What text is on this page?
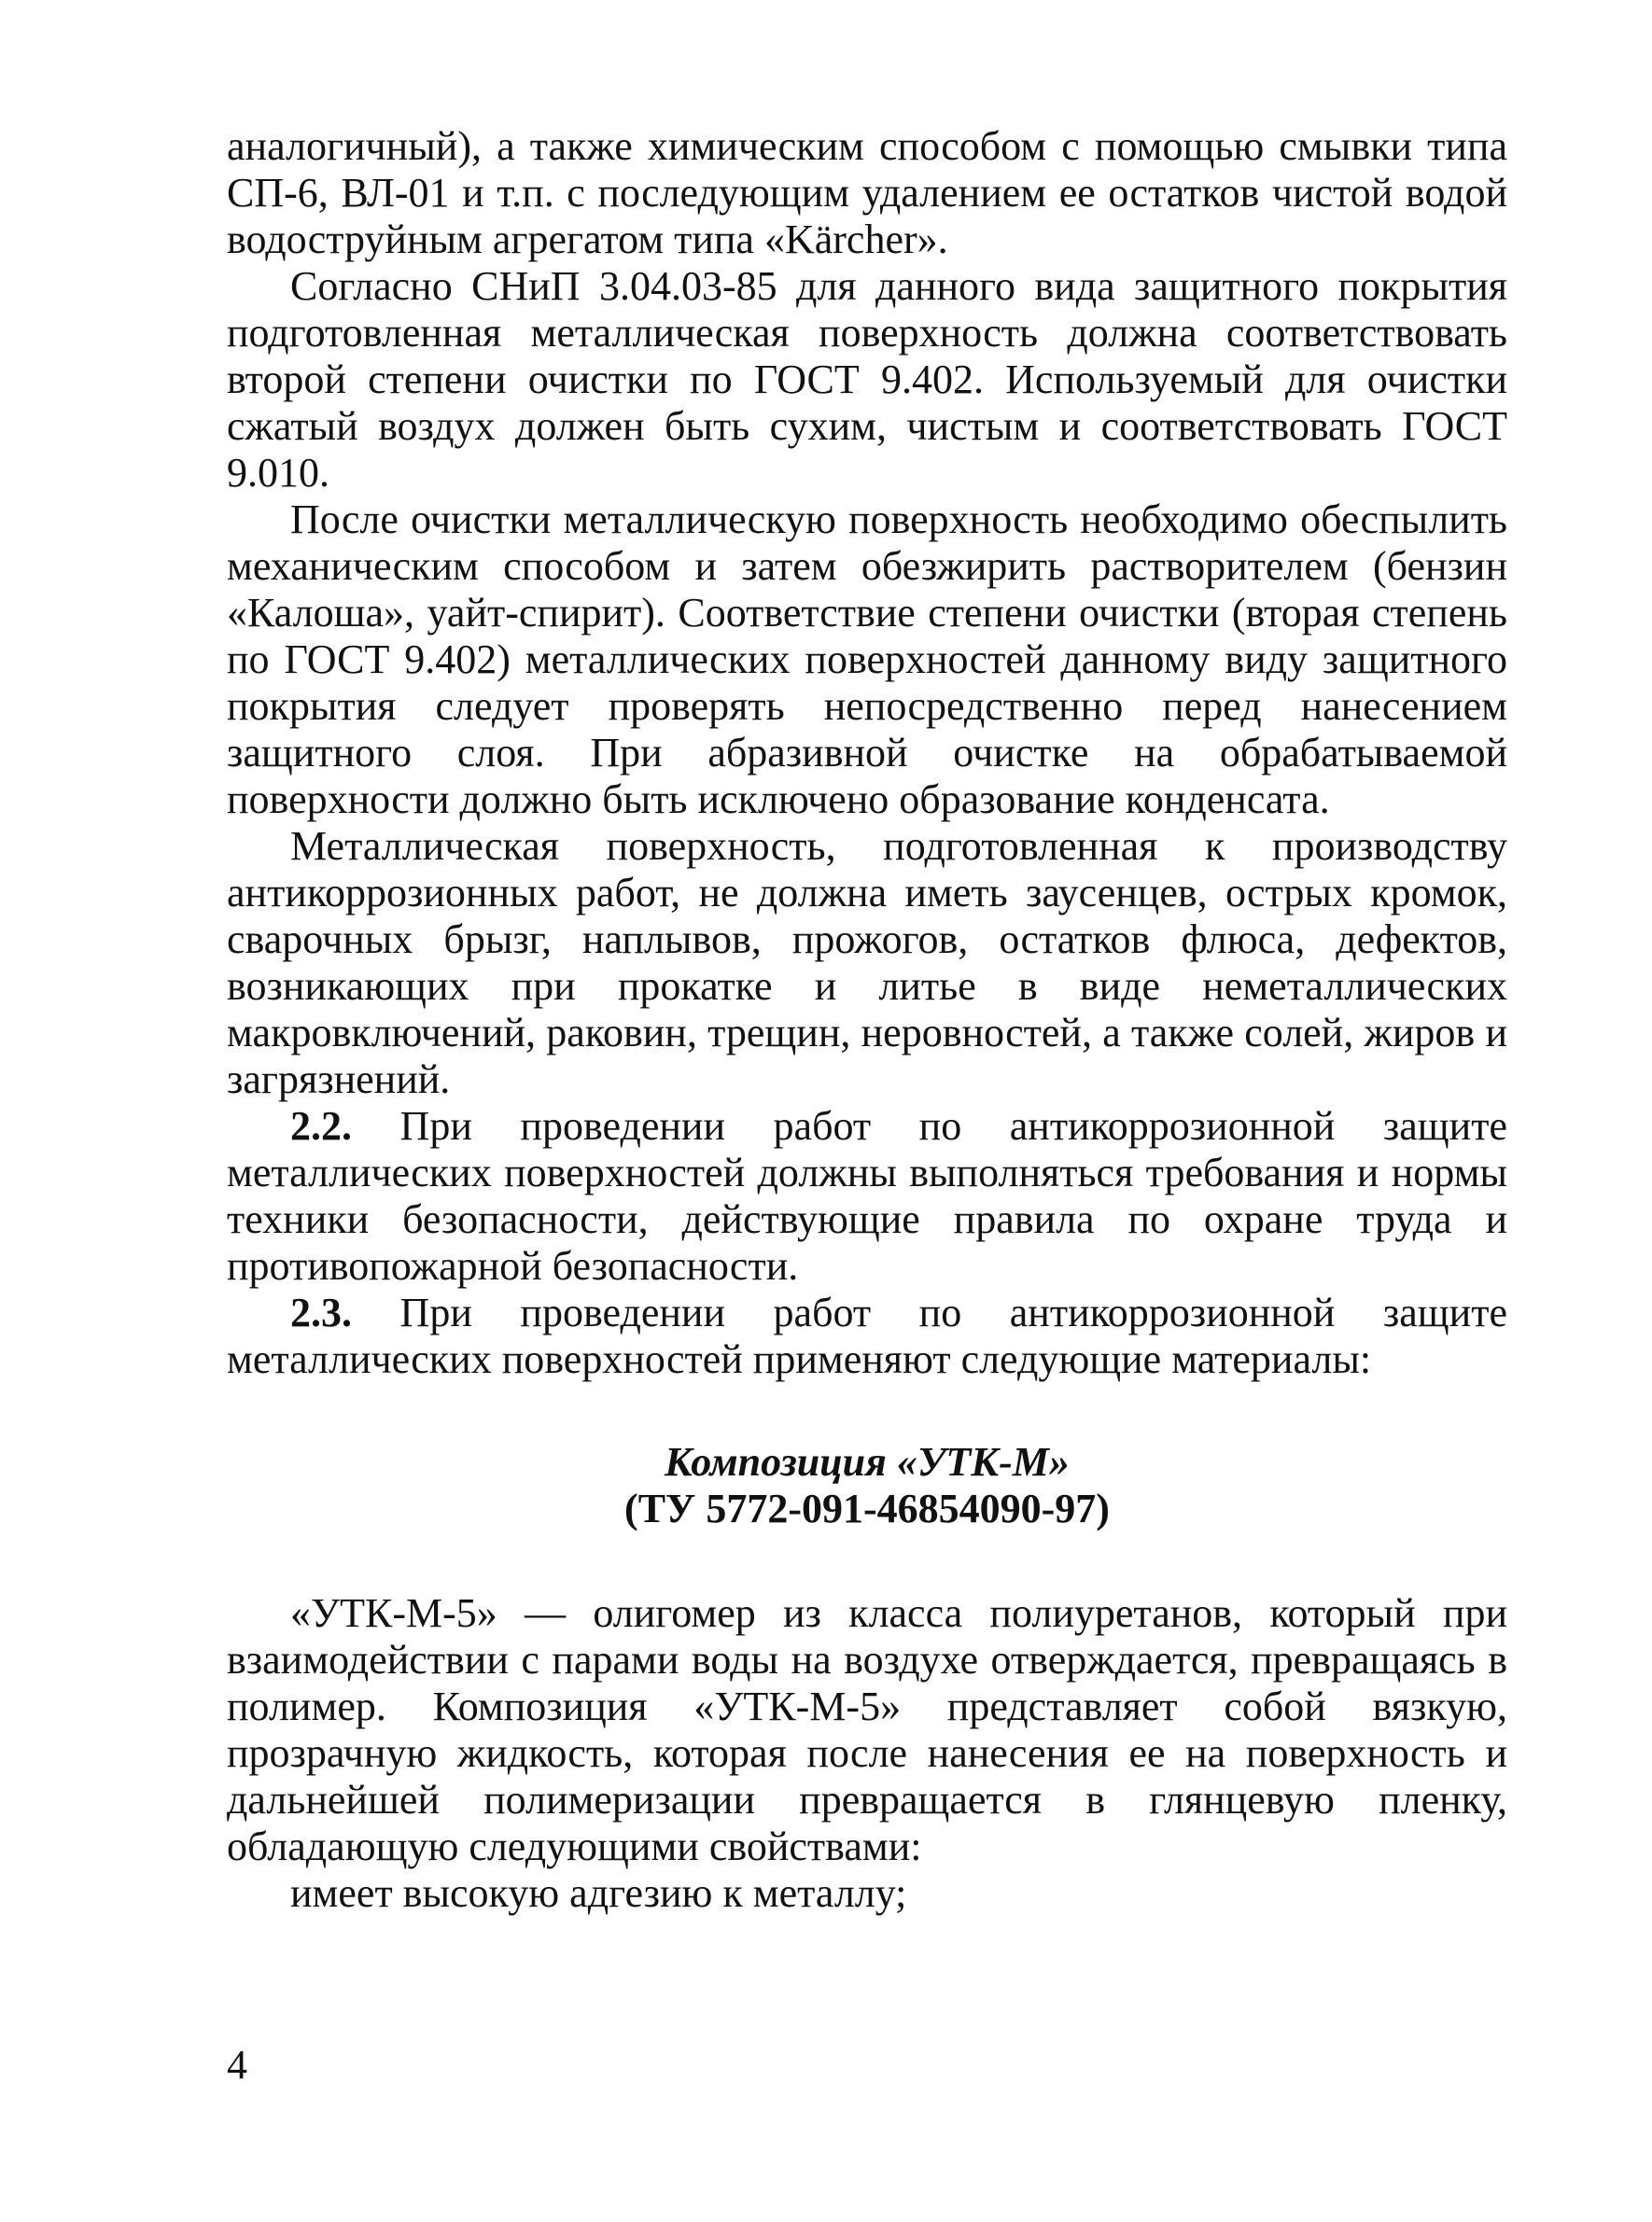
аналогичный), а также химическим способом с помощью смывки типа СП-6, ВЛ-01 и т.п. с последующим удалением ее остатков чистой водой водоструйным агрегатом типа «Kärcher».

Согласно СНиП 3.04.03-85 для данного вида защитного покрытия подготовленная металлическая поверхность должна соответствовать второй степени очистки по ГОСТ 9.402. Используемый для очистки сжатый воздух должен быть сухим, чистым и соответствовать ГОСТ 9.010.

После очистки металлическую поверхность необходимо обеспылить механическим способом и затем обезжирить растворителем (бензин «Калоша», уайт-спирит). Соответствие степени очистки (вторая степень по ГОСТ 9.402) металлических поверхностей данному виду защитного покрытия следует проверять непосредственно перед нанесением защитного слоя. При абразивной очистке на обрабатываемой поверхности должно быть исключено образование конденсата.

Металлическая поверхность, подготовленная к производству антикоррозионных работ, не должна иметь заусенцев, острых кромок, сварочных брызг, наплывов, прожогов, остатков флюса, дефектов, возникающих при прокатке и литье в виде неметаллических макровключений, раковин, трещин, неровностей, а также солей, жиров и загрязнений.

2.2. При проведении работ по антикоррозионной защите металлических поверхностей должны выполняться требования и нормы техники безопасности, действующие правила по охране труда и противопожарной безопасности.

2.3. При проведении работ по антикоррозионной защите металлических поверхностей применяют следующие материалы:

Композиция «УТК-М»

(ТУ 5772-091-46854090-97)

«УТК-М-5» — олигомер из класса полиуретанов, который при взаимодействии с парами воды на воздухе отверждается, превращаясь в полимер. Композиция «УТК-М-5» представляет собой вязкую, прозрачную жидкость, которая после нанесения ее на поверхность и дальнейшей полимеризации превращается в глянцевую пленку, обладающую следующими свойствами:

имеет высокую адгезию к металлу;

4
